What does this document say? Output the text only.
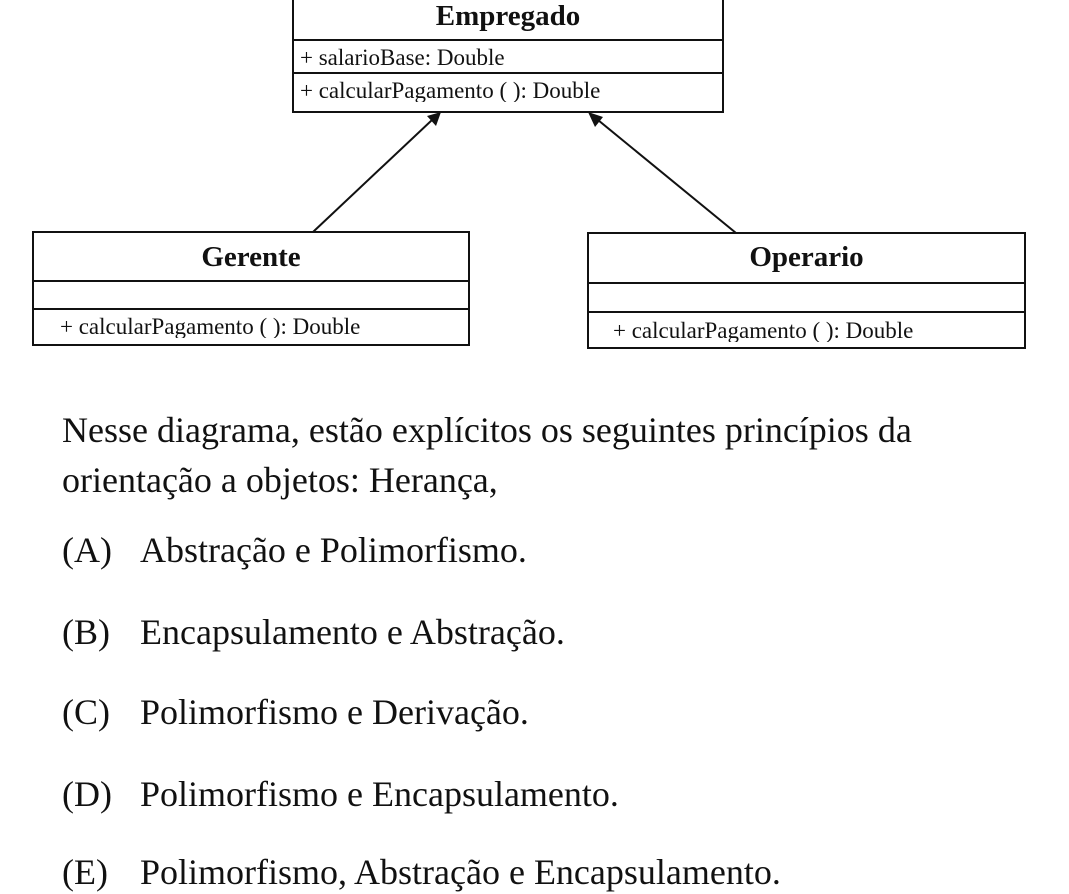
Empregado
+ salarioBase: Double
+ calcularPagamento ( ): Double
Gerente
+ calcularPagamento ( ): Double
Operario
+ calcularPagamento ( ): Double

Nesse diagrama, estão explícitos os seguintes princípios da orientação a objetos: Herança,

(A) Abstração e Polimorfismo.
(B) Encapsulamento e Abstração.
(C) Polimorfismo e Derivação.
(D) Polimorfismo e Encapsulamento.
(E) Polimorfismo, Abstração e Encapsulamento.
